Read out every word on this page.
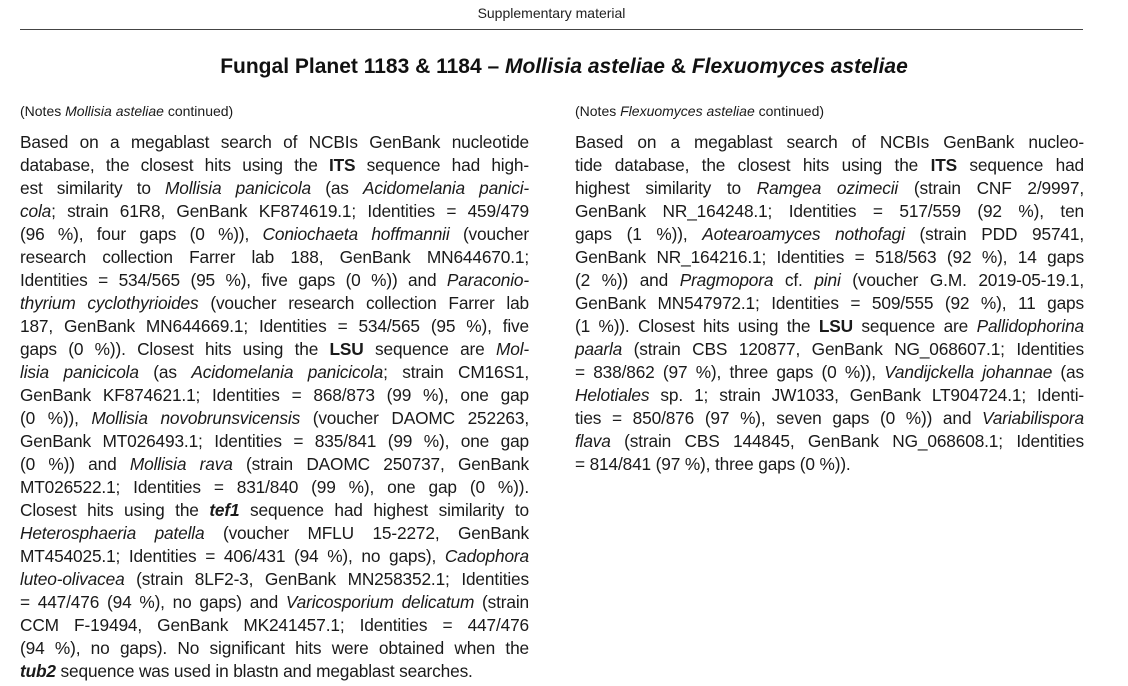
Supplementary material
Fungal Planet 1183 & 1184 – Mollisia asteliae & Flexuomyces asteliae

(Notes Mollisia asteliae continued)

Based on a megablast search of NCBIs GenBank nucleotide
database, the closest hits using the ITS sequence had high-
est similarity to Mollisia panicicola (as Acidomelania panici-
cola; strain 61R8, GenBank KF874619.1; Identities = 459/479
(96 %), four gaps (0 %)), Coniochaeta hoffmannii (voucher
research collection Farrer lab 188, GenBank MN644670.1;
Identities = 534/565 (95 %), five gaps (0 %)) and Paraconio-
thyrium cyclothyrioides (voucher research collection Farrer lab
187, GenBank MN644669.1; Identities = 534/565 (95 %), five
gaps (0 %)). Closest hits using the LSU sequence are Mol-
lisia panicicola (as Acidomelania panicicola; strain CM16S1,
GenBank KF874621.1; Identities = 868/873 (99 %), one gap
(0 %)), Mollisia novobrunsvicensis (voucher DAOMC 252263,
GenBank MT026493.1; Identities = 835/841 (99 %), one gap
(0 %)) and Mollisia rava (strain DAOMC 250737, GenBank
MT026522.1; Identities = 831/840 (99 %), one gap (0 %)).
Closest hits using the tef1 sequence had highest similarity to
Heterosphaeria patella (voucher MFLU 15-2272, GenBank
MT454025.1; Identities = 406/431 (94 %), no gaps), Cadophora
luteo-olivacea (strain 8LF2-3, GenBank MN258352.1; Identities
= 447/476 (94 %), no gaps) and Varicosporium delicatum (strain
CCM F-19494, GenBank MK241457.1; Identities = 447/476
(94 %), no gaps). No significant hits were obtained when the
tub2 sequence was used in blastn and megablast searches.

(Notes Flexuomyces asteliae continued)

Based on a megablast search of NCBIs GenBank nucleo-
tide database, the closest hits using the ITS sequence had
highest similarity to Ramgea ozimecii (strain CNF 2/9997,
GenBank NR_164248.1; Identities = 517/559 (92 %), ten
gaps (1 %)), Aotearoamyces nothofagi (strain PDD 95741,
GenBank NR_164216.1; Identities = 518/563 (92 %), 14 gaps
(2 %)) and Pragmopora cf. pini (voucher G.M. 2019-05-19.1,
GenBank MN547972.1; Identities = 509/555 (92 %), 11 gaps
(1 %)). Closest hits using the LSU sequence are Pallidophorina
paarla (strain CBS 120877, GenBank NG_068607.1; Identities
= 838/862 (97 %), three gaps (0 %)), Vandijckella johannae (as
Helotiales sp. 1; strain JW1033, GenBank LT904724.1; Identi-
ties = 850/876 (97 %), seven gaps (0 %)) and Variabilispora
flava (strain CBS 144845, GenBank NG_068608.1; Identities
= 814/841 (97 %), three gaps (0 %)).
